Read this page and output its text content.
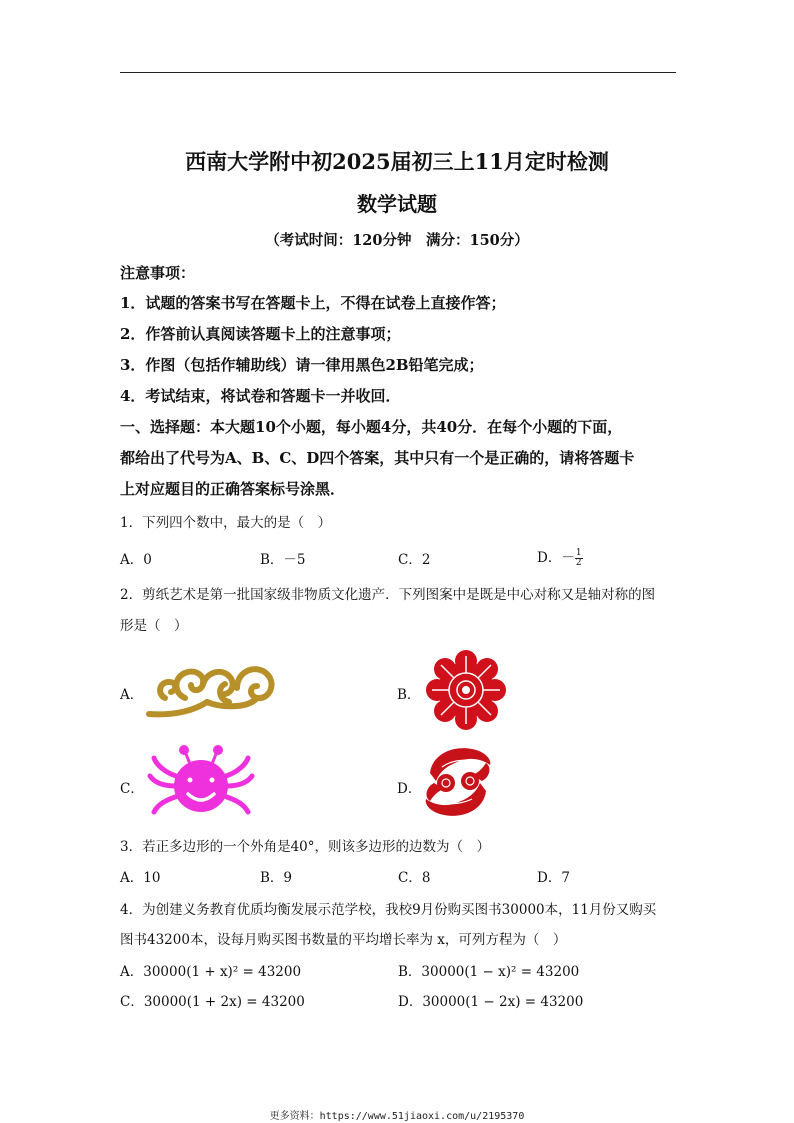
西南大学附中初2025届初三上11月定时检测
数学试题
（考试时间：120分钟　满分：150分）
注意事项：
1．试题的答案书写在答题卡上，不得在试卷上直接作答；
2．作答前认真阅读答题卡上的注意事项；
3．作图（包括作辅助线）请一律用黑色2B铅笔完成；
4．考试结束，将试卷和答题卡一并收回．
一、选择题：本大题10个小题，每小题4分，共40分．在每个小题的下面，
都给出了代号为A、B、C、D四个答案，其中只有一个是正确的，请将答题卡
上对应题目的正确答案标号涂黑．
1．下列四个数中，最大的是（　）
A．0	B．－5	C．2	D．－ $\frac{1}{2}$
2．剪纸艺术是第一批国家级非物质文化遗产．下列图案中是既是中心对称又是轴对称的图
形是（　）
A．	B．
C．	D．
3．若正多边形的一个外角是40°，则该多边形的边数为（　）
A．10	B．9	C．8	D．7
4．为创建义务教育优质均衡发展示范学校，我校9月份购买图书30000本，11月份又购买
图书43200本，设每月购买图书数量的平均增长率为 x，可列方程为（　）
A．30000(1 + x)² = 43200	B．30000(1 − x)² = 43200
C．30000(1 + 2x) = 43200	D．30000(1 − 2x) = 43200
更多资料：https://www.51jiaoxi.com/u/2195370
